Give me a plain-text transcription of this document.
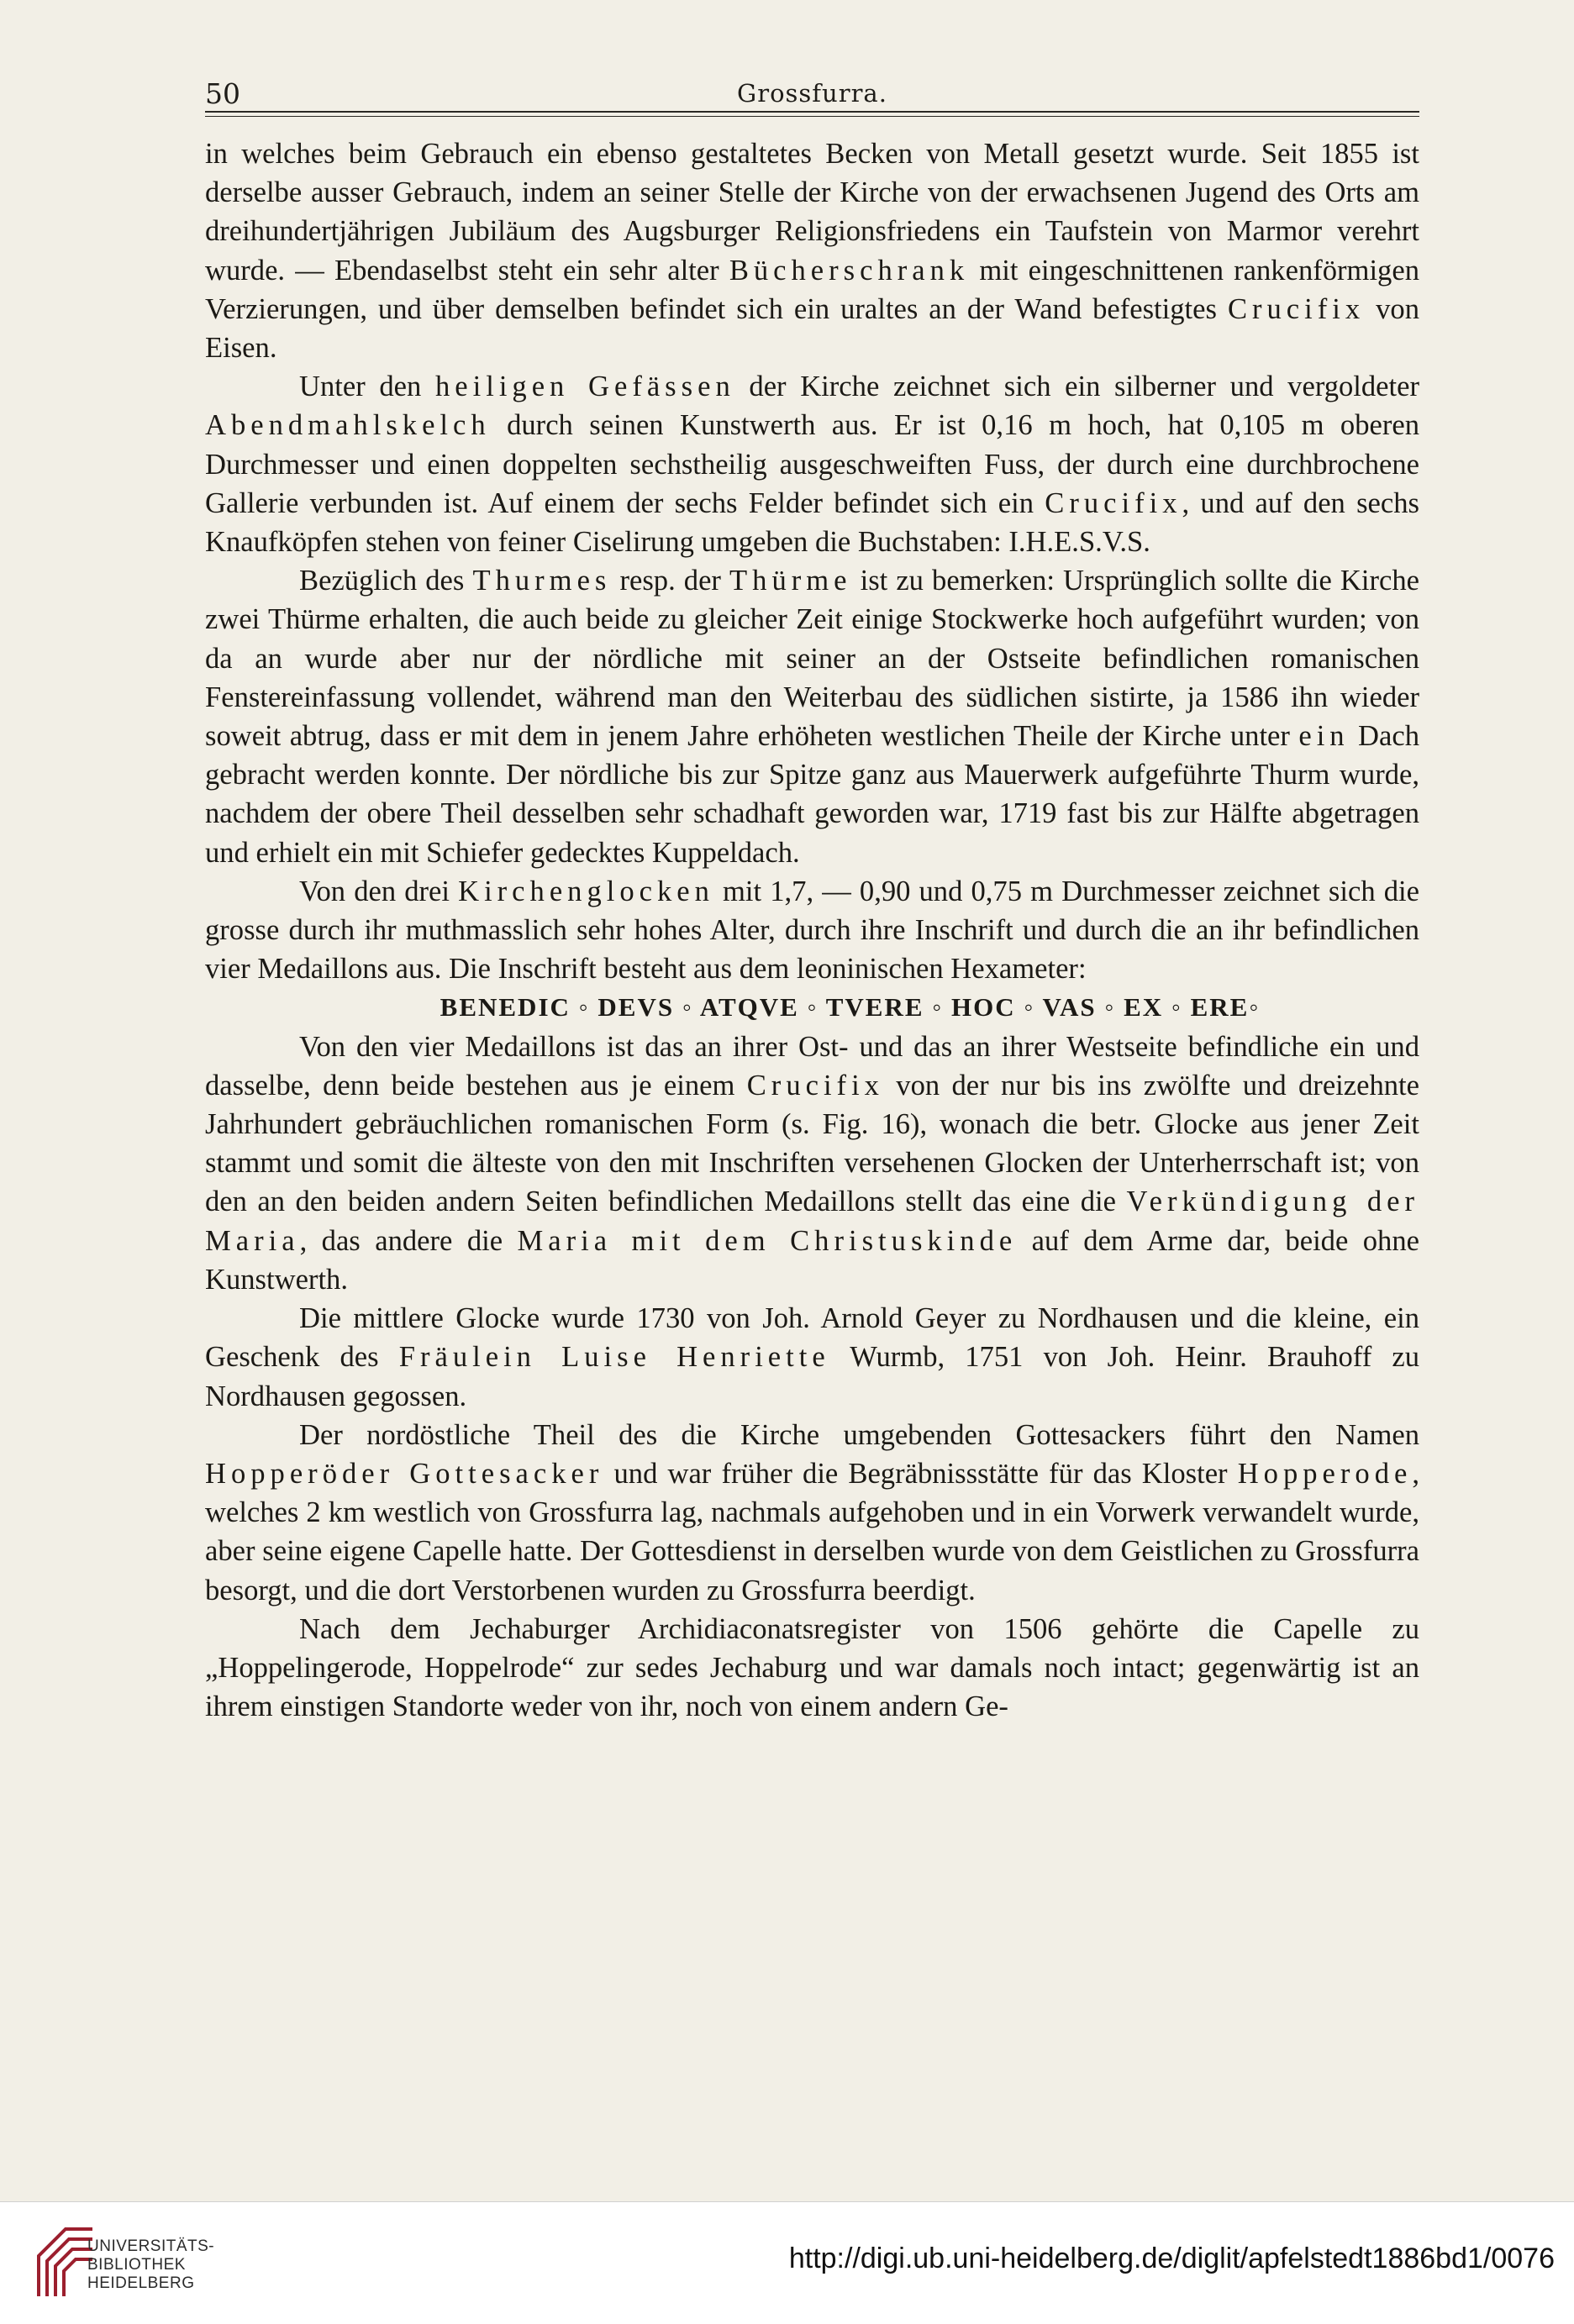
50	Grossfurra.

in welches beim Gebrauch ein ebenso gestaltetes Becken von Metall gesetzt wurde. Seit 1855 ist derselbe ausser Gebrauch, indem an seiner Stelle der Kirche von der erwachsenen Jugend des Orts am dreihundertjährigen Jubiläum des Augsburger Religionsfriedens ein Taufstein von Marmor verehrt wurde. — Ebendaselbst steht ein sehr alter Bücherschrank mit eingeschnittenen rankenförmigen Verzierungen, und über demselben befindet sich ein uraltes an der Wand befestigtes Crucifix von Eisen.

Unter den heiligen Gefässen der Kirche zeichnet sich ein silberner und vergoldeter Abendmahlskelch durch seinen Kunstwerth aus. Er ist 0,16 m hoch, hat 0,105 m oberen Durchmesser und einen doppelten sechstheilig ausgeschweiften Fuss, der durch eine durchbrochene Gallerie verbunden ist. Auf einem der sechs Felder befindet sich ein Crucifix, und auf den sechs Knaufköpfen stehen von feiner Ciselirung umgeben die Buchstaben: I.H.E.S.V.S.

Bezüglich des Thurmes resp. der Thürme ist zu bemerken: Ursprünglich sollte die Kirche zwei Thürme erhalten, die auch beide zu gleicher Zeit einige Stockwerke hoch aufgeführt wurden; von da an wurde aber nur der nördliche mit seiner an der Ostseite befindlichen romanischen Fenstereinfassung vollendet, während man den Weiterbau des südlichen sistirte, ja 1586 ihn wieder soweit abtrug, dass er mit dem in jenem Jahre erhöheten westlichen Theile der Kirche unter ein Dach gebracht werden konnte. Der nördliche bis zur Spitze ganz aus Mauerwerk aufgeführte Thurm wurde, nachdem der obere Theil desselben sehr schadhaft geworden war, 1719 fast bis zur Hälfte abgetragen und erhielt ein mit Schiefer gedecktes Kuppeldach.

Von den drei Kirchenglocken mit 1,7, — 0,90 und 0,75 m Durchmesser zeichnet sich die grosse durch ihr muthmasslich sehr hohes Alter, durch ihre Inschrift und durch die an ihr befindlichen vier Medaillons aus. Die Inschrift besteht aus dem leoninischen Hexameter:

BENEDIC ◦ DEVS ◦ ATQVE ◦ TVERE ◦ HOC ◦ VAS ◦ EX ◦ ERE◦

Von den vier Medaillons ist das an ihrer Ost- und das an ihrer Westseite befindliche ein und dasselbe, denn beide bestehen aus je einem Crucifix von der nur bis ins zwölfte und dreizehnte Jahrhundert gebräuchlichen romanischen Form (s. Fig. 16), wonach die betr. Glocke aus jener Zeit stammt und somit die älteste von den mit Inschriften versehenen Glocken der Unterherrschaft ist; von den an den beiden andern Seiten befindlichen Medaillons stellt das eine die Verkündigung der Maria, das andere die Maria mit dem Christuskinde auf dem Arme dar, beide ohne Kunstwerth.

Die mittlere Glocke wurde 1730 von Joh. Arnold Geyer zu Nordhausen und die kleine, ein Geschenk des Fräulein Luise Henriette Wurmb, 1751 von Joh. Heinr. Brauhoff zu Nordhausen gegossen.

Der nordöstliche Theil des die Kirche umgebenden Gottesackers führt den Namen Hopperöder Gottesacker und war früher die Begräbnissstätte für das Kloster Hopperode, welches 2 km westlich von Grossfurra lag, nachmals aufgehoben und in ein Vorwerk verwandelt wurde, aber seine eigene Capelle hatte. Der Gottesdienst in derselben wurde von dem Geistlichen zu Grossfurra besorgt, und die dort Verstorbenen wurden zu Grossfurra beerdigt.

Nach dem Jechaburger Archidiaconatsregister von 1506 gehörte die Capelle zu „Hoppelingerode, Hoppelrode“ zur sedes Jechaburg und war damals noch intact; gegenwärtig ist an ihrem einstigen Standorte weder von ihr, noch von einem andern Ge-

UNIVERSITÄTS-
BIBLIOTHEK
HEIDELBERG
http://digi.ub.uni-heidelberg.de/diglit/apfelstedt1886bd1/0076
